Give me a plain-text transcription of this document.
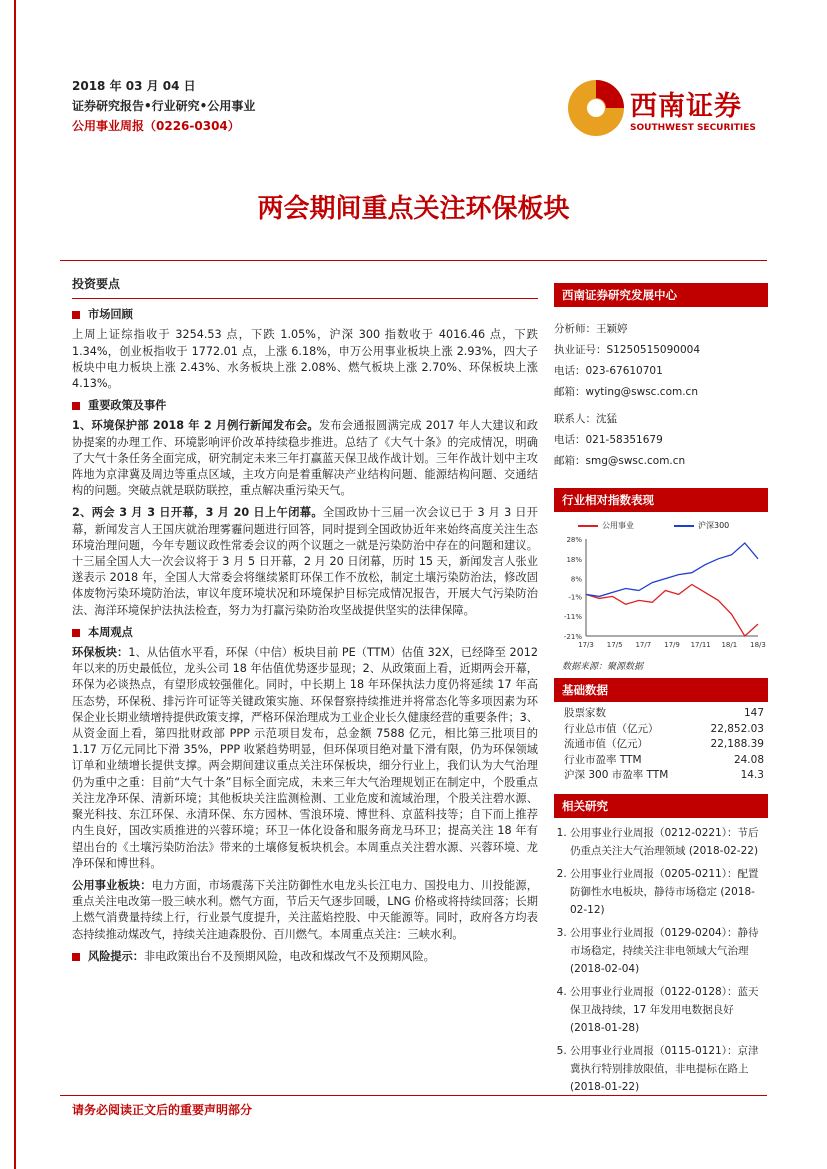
2018 年 03 月 04 日
证券研究报告•行业研究•公用事业
公用事业周报（0226-0304）
西南证券
SOUTHWEST SECURITIES
两会期间重点关注环保板块
投资要点
市场回顾

上周上证综指收于 3254.53 点，下跌 1.05%，沪深 300 指数收于 4016.46 点，下跌 1.34%，创业板指收于 1772.01 点，上涨 6.18%，申万公用事业板块上涨 2.93%，四大子板块中电力板块上涨 2.43%、水务板块上涨 2.08%、燃气板块上涨 2.70%、环保板块上涨 4.13%。

重要政策及事件

1、环境保护部 2018 年 2 月例行新闻发布会。发布会通报圆满完成 2017 年人大建议和政协提案的办理工作、环境影响评价改革持续稳步推进。总结了《大气十条》的完成情况，明确了大气十条任务全面完成，研究制定未来三年打赢蓝天保卫战作战计划。三年作战计划中主攻阵地为京津冀及周边等重点区域，主攻方向是着重解决产业结构问题、能源结构问题、交通结构的问题。突破点就是联防联控，重点解决重污染天气。

2、两会 3 月 3 日开幕，3 月 20 日上午闭幕。全国政协十三届一次会议已于 3 月 3 日开幕，新闻发言人王国庆就治理雾霾问题进行回答，同时提到全国政协近年来始终高度关注生态环境治理问题，今年专题议政性常委会议的两个议题之一就是污染防治中存在的问题和建议。十三届全国人大一次会议将于 3 月 5 日开幕，2 月 20 日闭幕，历时 15 天，新闻发言人张业遂表示 2018 年，全国人大常委会将继续紧盯环保工作不放松，制定土壤污染防治法，修改固体废物污染环境防治法，审议年度环境状况和环境保护目标完成情况报告，开展大气污染防治法、海洋环境保护法执法检查，努力为打赢污染防治攻坚战提供坚实的法律保障。

本周观点

环保板块：1、从估值水平看，环保（中信）板块目前 PE（TTM）估值 32X，已经降至 2012 年以来的历史最低位，龙头公司 18 年估值优势逐步显现；2、从政策面上看，近期两会开幕，环保为必谈热点，有望形成较强催化。同时，中长期上 18 年环保执法力度仍将延续 17 年高压态势，环保税、排污许可证等关键政策实施、环保督察持续推进并将常态化等多项因素为环保企业长期业绩增持提供政策支撑，严格环保治理成为工业企业长久健康经营的重要条件；3、从资金面上看，第四批财政部 PPP 示范项目发布，总金额 7588 亿元，相比第三批项目的 1.17 万亿元同比下滑 35%，PPP 收紧趋势明显，但环保项目绝对量下滑有限，仍为环保领域订单和业绩增长提供支撑。两会期间建议重点关注环保板块，细分行业上，我们认为大气治理仍为重中之重：目前“大气十条”目标全面完成，未来三年大气治理规划正在制定中，个股重点关注龙净环保、清新环境；其他板块关注监测检测、工业危废和流域治理，个股关注碧水源、聚光科技、东江环保、永清环保、东方园林、雪浪环境、博世科、京蓝科技等；自下而上推荐内生良好，国改实质推进的兴蓉环境；环卫一体化设备和服务商龙马环卫；提高关注 18 年有望出台的《土壤污染防治法》带来的土壤修复板块机会。本周重点关注碧水源、兴蓉环境、龙净环保和博世科。

公用事业板块：电力方面，市场震荡下关注防御性水电龙头长江电力、国投电力、川投能源，重点关注电改第一股三峡水利。燃气方面，节后天气逐步回暖，LNG 价格或将持续回落；长期上燃气消费量持续上行，行业景气度提升，关注蓝焰控股、中天能源等。同时，政府各方均表态持续推动煤改气，持续关注迪森股份、百川燃气。本周重点关注：三峡水利。

风险提示：非电政策出台不及预期风险，电改和煤改气不及预期风险。
西南证券研究发展中心
分析师： 王颖婷
执业证号： S1250515090004
电话： 023-67610701
邮箱： wyting@swsc.com.cn
联系人： 沈猛
电话： 021-58351679
邮箱： smg@swsc.com.cn
行业相对指数表现
公用事业	沪深300
28%
18%
8%
-1%
-11%
-21%
17/3 17/5 17/7 17/9 17/11 18/1 18/3
数据来源：聚源数据
基础数据
股票家数	147
行业总市值（亿元）	22,852.03
流通市值（亿元）	22,188.39
行业市盈率 TTM	24.08
沪深 300 市盈率 TTM	14.3
相关研究
1. 公用事业行业周报（0212-0221）：节后仍重点关注大气治理领域 (2018-02-22)
2. 公用事业行业周报（0205-0211）：配置防御性水电板块，静待市场稳定 (2018-02-12)
3. 公用事业行业周报（0129-0204）：静待市场稳定，持续关注非电领域大气治理 (2018-02-04)
4. 公用事业行业周报（0122-0128）：蓝天保卫战持续，17 年发用电数据良好 (2018-01-28)
5. 公用事业行业周报（0115-0121）：京津冀执行特别排放限值，非电提标在路上 (2018-01-22)
请务必阅读正文后的重要声明部分
